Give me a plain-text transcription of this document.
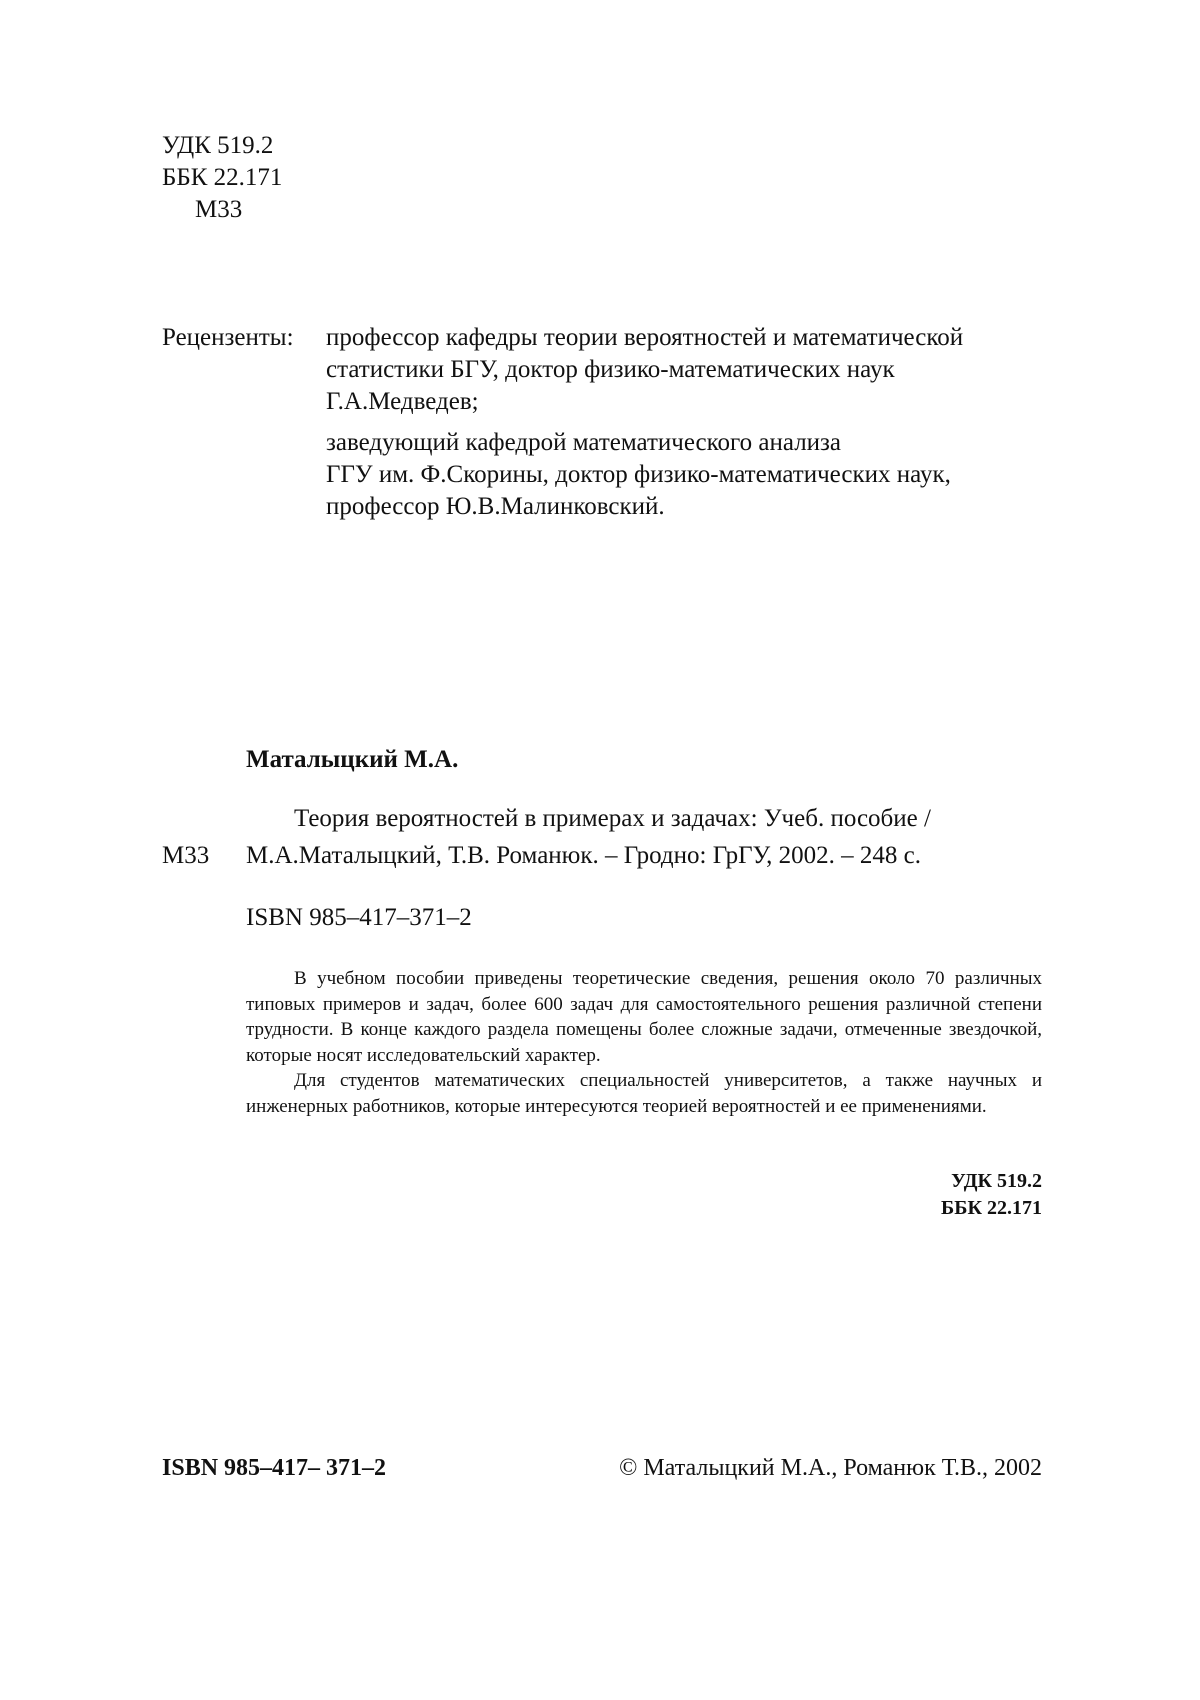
УДК 519.2
ББК 22.171
М33
Рецензенты: профессор кафедры теории вероятностей и математической
статистики БГУ, доктор физико-математических наук
Г.А.Медведев;
заведующий кафедрой математического анализа
ГГУ им. Ф.Скорины, доктор физико-математических наук,
профессор Ю.В.Малинковский.
Маталыцкий М.А.
Теория вероятностей в примерах и задачах: Учеб. пособие /
М33 М.А.Маталыцкий, Т.В. Романюк. – Гродно: ГрГУ, 2002. – 248 с.
ISBN 985–417–371–2

В учебном пособии приведены теоретические сведения, решения около 70 различных типовых примеров и задач, более 600 задач для самостоятельного решения различной степени трудности. В конце каждого раздела помещены более сложные задачи, отмеченные звездочкой, которые носят исследовательский характер.

Для студентов математических специальностей университетов, а также научных и инженерных работников, которые интересуются теорией вероятностей и ее применениями.

УДК 519.2
ББК 22.171
ISBN 985–417– 371–2	© Маталыцкий М.А., Романюк Т.В., 2002
